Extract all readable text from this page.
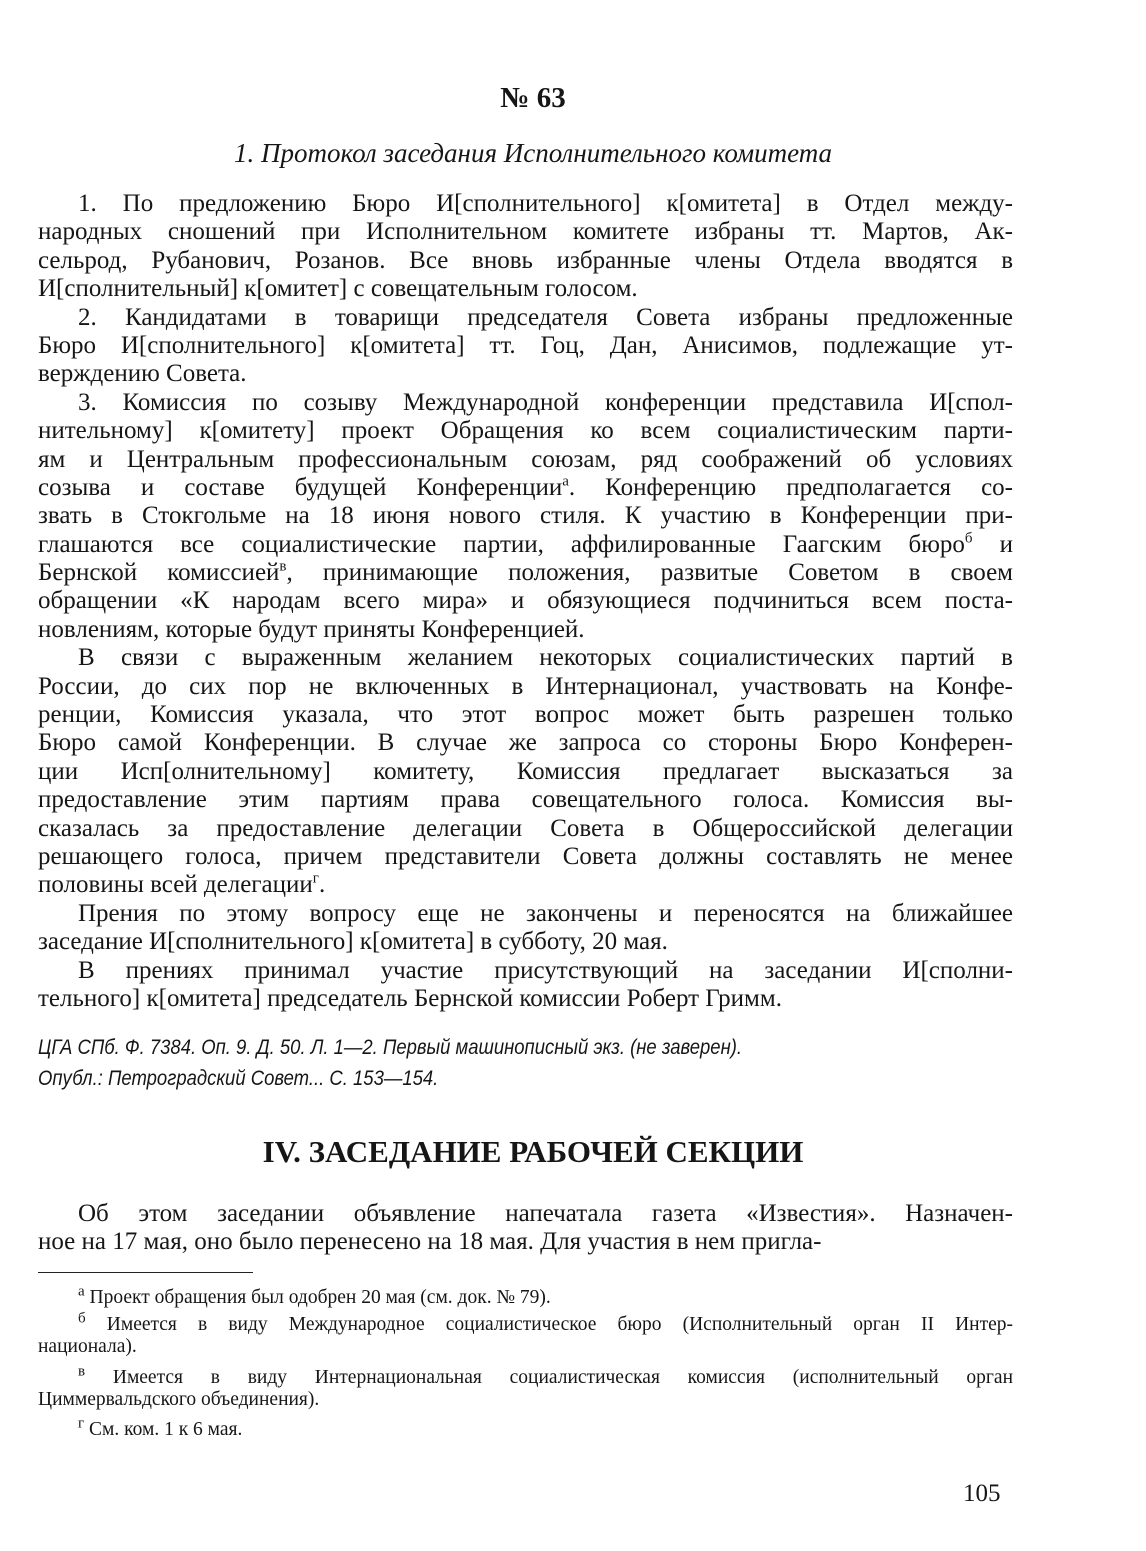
№ 63
1. Протокол заседания Исполнительного комитета
1. По предложению Бюро И[сполнительного] к[омитета] в Отдел между-
народных сношений при Исполнительном комитете избраны тт. Мартов, Ак-
сельрод, Рубанович, Розанов. Все вновь избранные члены Отдела вводятся в
И[сполнительный] к[омитет] с совещательным голосом.
2. Кандидатами в товарищи председателя Совета избраны предложенные
Бюро И[сполнительного] к[омитета] тт. Гоц, Дан, Анисимов, подлежащие ут-
верждению Совета.
3. Комиссия по созыву Международной конференции представила И[спол-
нительному] к[омитету] проект Обращения ко всем социалистическим парти-
ям и Центральным профессиональным союзам, ряд соображений об условиях
созыва и составе будущей Конференции$^а$. Конференцию предполагается со-
звать в Стокгольме на 18 июня нового стиля. К участию в Конференции при-
глашаются все социалистические партии, аффилированные Гаагским бюро$^б$ и
Бернской комиссией$^в$, принимающие положения, развитые Советом в своем
обращении «К народам всего мира» и обязующиеся подчиниться всем поста-
новлениям, которые будут приняты Конференцией.
В связи с выраженным желанием некоторых социалистических партий в
России, до сих пор не включенных в Интернационал, участвовать на Конфе-
ренции, Комиссия указала, что этот вопрос может быть разрешен только
Бюро самой Конференции. В случае же запроса со стороны Бюро Конферен-
ции Исп[олнительному] комитету, Комиссия предлагает высказаться за
предоставление этим партиям права совещательного голоса. Комиссия вы-
сказалась за предоставление делегации Совета в Общероссийской делегации
решающего голоса, причем представители Совета должны составлять не менее
половины всей делегации$^г$.
Прения по этому вопросу еще не закончены и переносятся на ближайшее
заседание И[сполнительного] к[омитета] в субботу, 20 мая.
В прениях принимал участие присутствующий на заседании И[сполни-
тельного] к[омитета] председатель Бернской комиссии Роберт Гримм.
ЦГА СПб. Ф. 7384. Оп. 9. Д. 50. Л. 1—2. Первый машинописный экз. (не заверен).
Опубл.: Петроградский Совет... С. 153—154.
IV. ЗАСЕДАНИЕ РАБОЧЕЙ СЕКЦИИ
Об этом заседании объявление напечатала газета «Известия». Назначен-
ное на 17 мая, оно было перенесено на 18 мая. Для участия в нем пригла-
$^а$ Проект обращения был одобрен 20 мая (см. док. № 79).
$^б$ Имеется в виду Международное социалистическое бюро (Исполнительный орган II Интер-
национала).
$^в$ Имеется в виду Интернациональная социалистическая комиссия (исполнительный орган
Циммервальдского объединения).
$^г$ См. ком. 1 к 6 мая.
105
